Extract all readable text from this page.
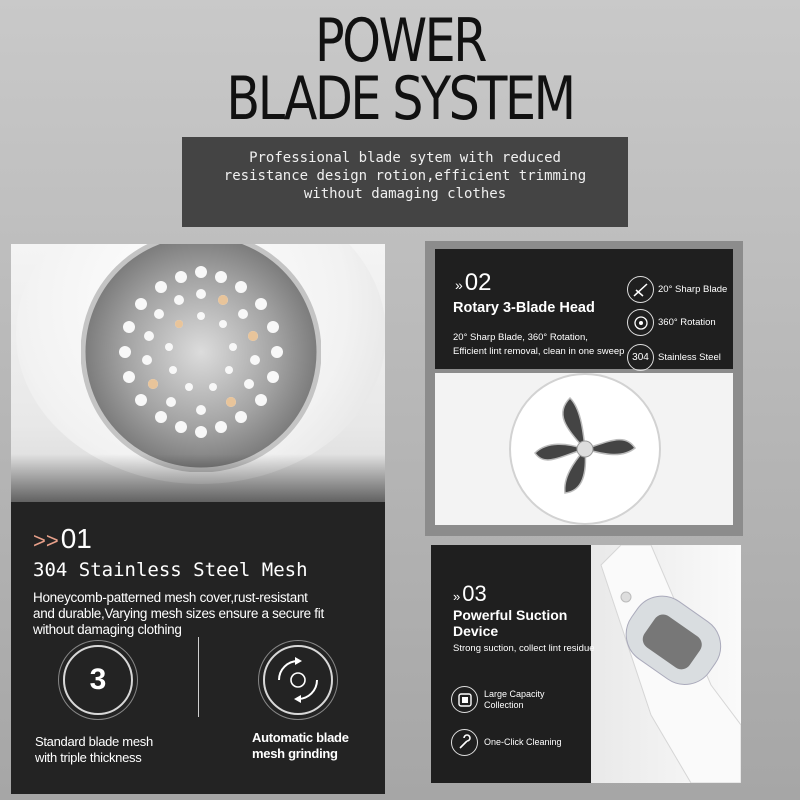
POWER
BLADE SYSTEM
Professional blade sytem with reduced
resistance design rotion,efficient trimming
without damaging clothes
>>01
304 Stainless Steel Mesh
Honeycomb-patterned mesh cover,rust-resistant
and durable,Varying mesh sizes ensure a secure fit
without damaging clothing
3
Standard blade mesh
with triple thickness
Automatic blade
mesh grinding
»02
Rotary 3-Blade Head
20° Sharp Blade, 360° Rotation,
Efficient lint removal, clean in one sweep
20° Sharp Blade
360° Rotation
304 Stainless Steel
»03
Powerful Suction
Device
Strong suction, collect lint residue
Large Capacity
Collection
One-Click Cleaning
